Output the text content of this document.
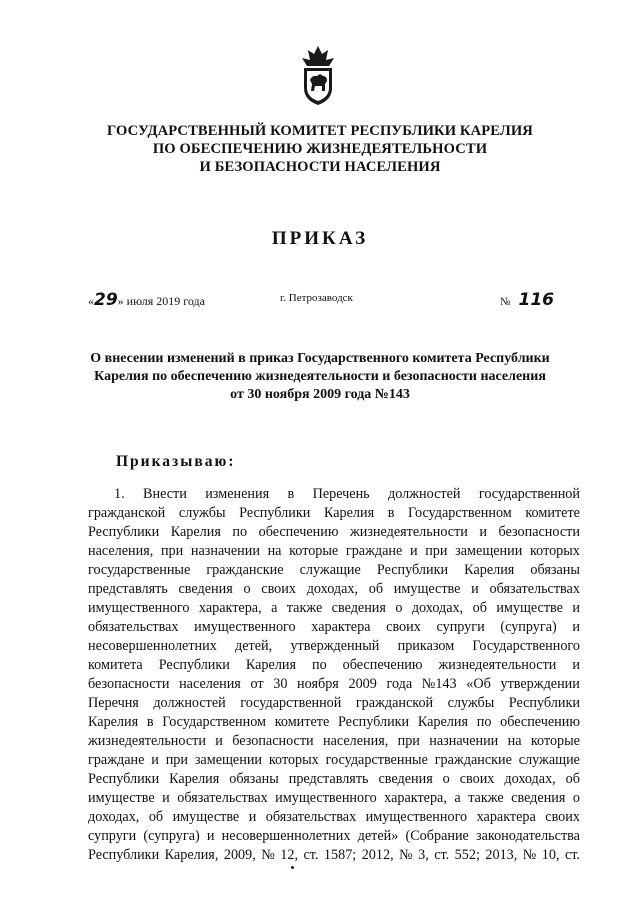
ГОСУДАРСТВЕННЫЙ КОМИТЕТ РЕСПУБЛИКИ КАРЕЛИЯ
ПО ОБЕСПЕЧЕНИЮ ЖИЗНЕДЕЯТЕЛЬНОСТИ
И БЕЗОПАСНОСТИ НАСЕЛЕНИЯ
ПРИКАЗ
«29» июля 2019 года	г. Петрозаводск	№ 116
О внесении изменений в приказ Государственного комитета Республики
Карелия по обеспечению жизнедеятельности и безопасности населения
от 30 ноября 2009 года №143
Приказываю:
1. Внести изменения в Перечень должностей государственной
гражданской службы Республики Карелия в Государственном комитете
Республики Карелия по обеспечению жизнедеятельности и безопасности
населения, при назначении на которые граждане и при замещении которых
государственные гражданские служащие Республики Карелия обязаны
представлять сведения о своих доходах, об имуществе и обязательствах
имущественного характера, а также сведения о доходах, об имуществе и
обязательствах имущественного характера своих супруги (супруга) и
несовершеннолетних детей, утвержденный приказом Государственного
комитета Республики Карелия по обеспечению жизнедеятельности и
безопасности населения от 30 ноября 2009 года №143 «Об утверждении
Перечня должностей государственной гражданской службы Республики
Карелия в Государственном комитете Республики Карелия по обеспечению
жизнедеятельности и безопасности населения, при назначении на которые
граждане и при замещении которых государственные гражданские служащие
Республики Карелия обязаны представлять сведения о своих доходах, об
имуществе и обязательствах имущественного характера, а также сведения о
доходах, об имуществе и обязательствах имущественного характера своих
супруги (супруга) и несовершеннолетних детей» (Собрание законодательства
Республики Карелия, 2009, № 12, ст. 1587; 2012, № 3, ст. 552; 2013, № 10, ст.
